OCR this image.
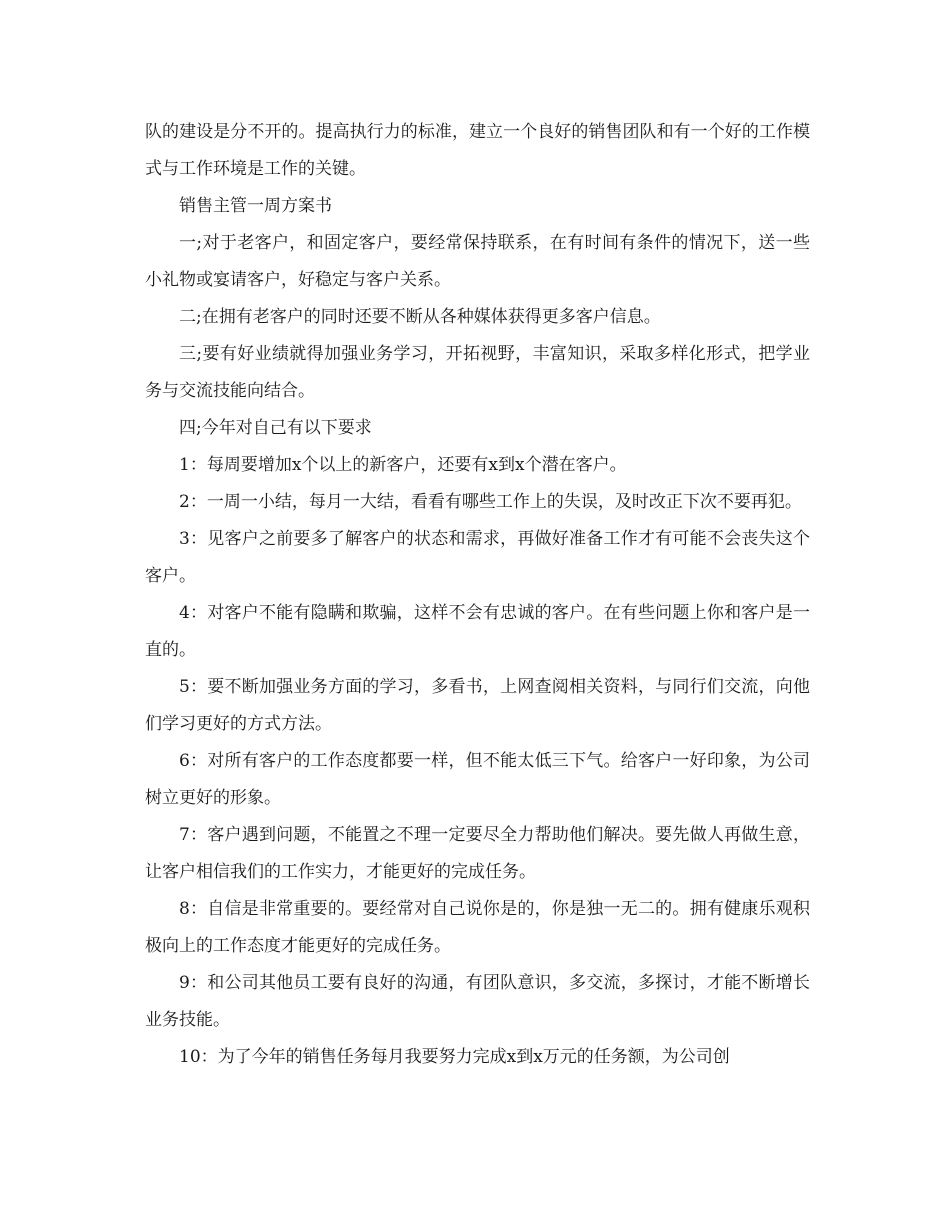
队的建设是分不开的。提高执行力的标准，建立一个良好的销售团队和有一个好的工作模式与工作环境是工作的关键。

销售主管一周方案书

一;对于老客户，和固定客户，要经常保持联系，在有时间有条件的情况下，送一些小礼物或宴请客户，好稳定与客户关系。

二;在拥有老客户的同时还要不断从各种媒体获得更多客户信息。

三;要有好业绩就得加强业务学习，开拓视野，丰富知识，采取多样化形式，把学业务与交流技能向结合。

四;今年对自己有以下要求

1：每周要增加x个以上的新客户，还要有x到x个潜在客户。

2：一周一小结，每月一大结，看看有哪些工作上的失误，及时改正下次不要再犯。

3：见客户之前要多了解客户的状态和需求，再做好准备工作才有可能不会丧失这个客户。

4：对客户不能有隐瞒和欺骗，这样不会有忠诚的客户。在有些问题上你和客户是一直的。

5：要不断加强业务方面的学习，多看书，上网查阅相关资料，与同行们交流，向他们学习更好的方式方法。

6：对所有客户的工作态度都要一样，但不能太低三下气。给客户一好印象，为公司树立更好的形象。

7：客户遇到问题，不能置之不理一定要尽全力帮助他们解决。要先做人再做生意，让客户相信我们的工作实力，才能更好的完成任务。

8：自信是非常重要的。要经常对自己说你是的，你是独一无二的。拥有健康乐观积极向上的工作态度才能更好的完成任务。

9：和公司其他员工要有良好的沟通，有团队意识，多交流，多探讨，才能不断增长业务技能。

10：为了今年的销售任务每月我要努力完成x到x万元的任务额，为公司创
